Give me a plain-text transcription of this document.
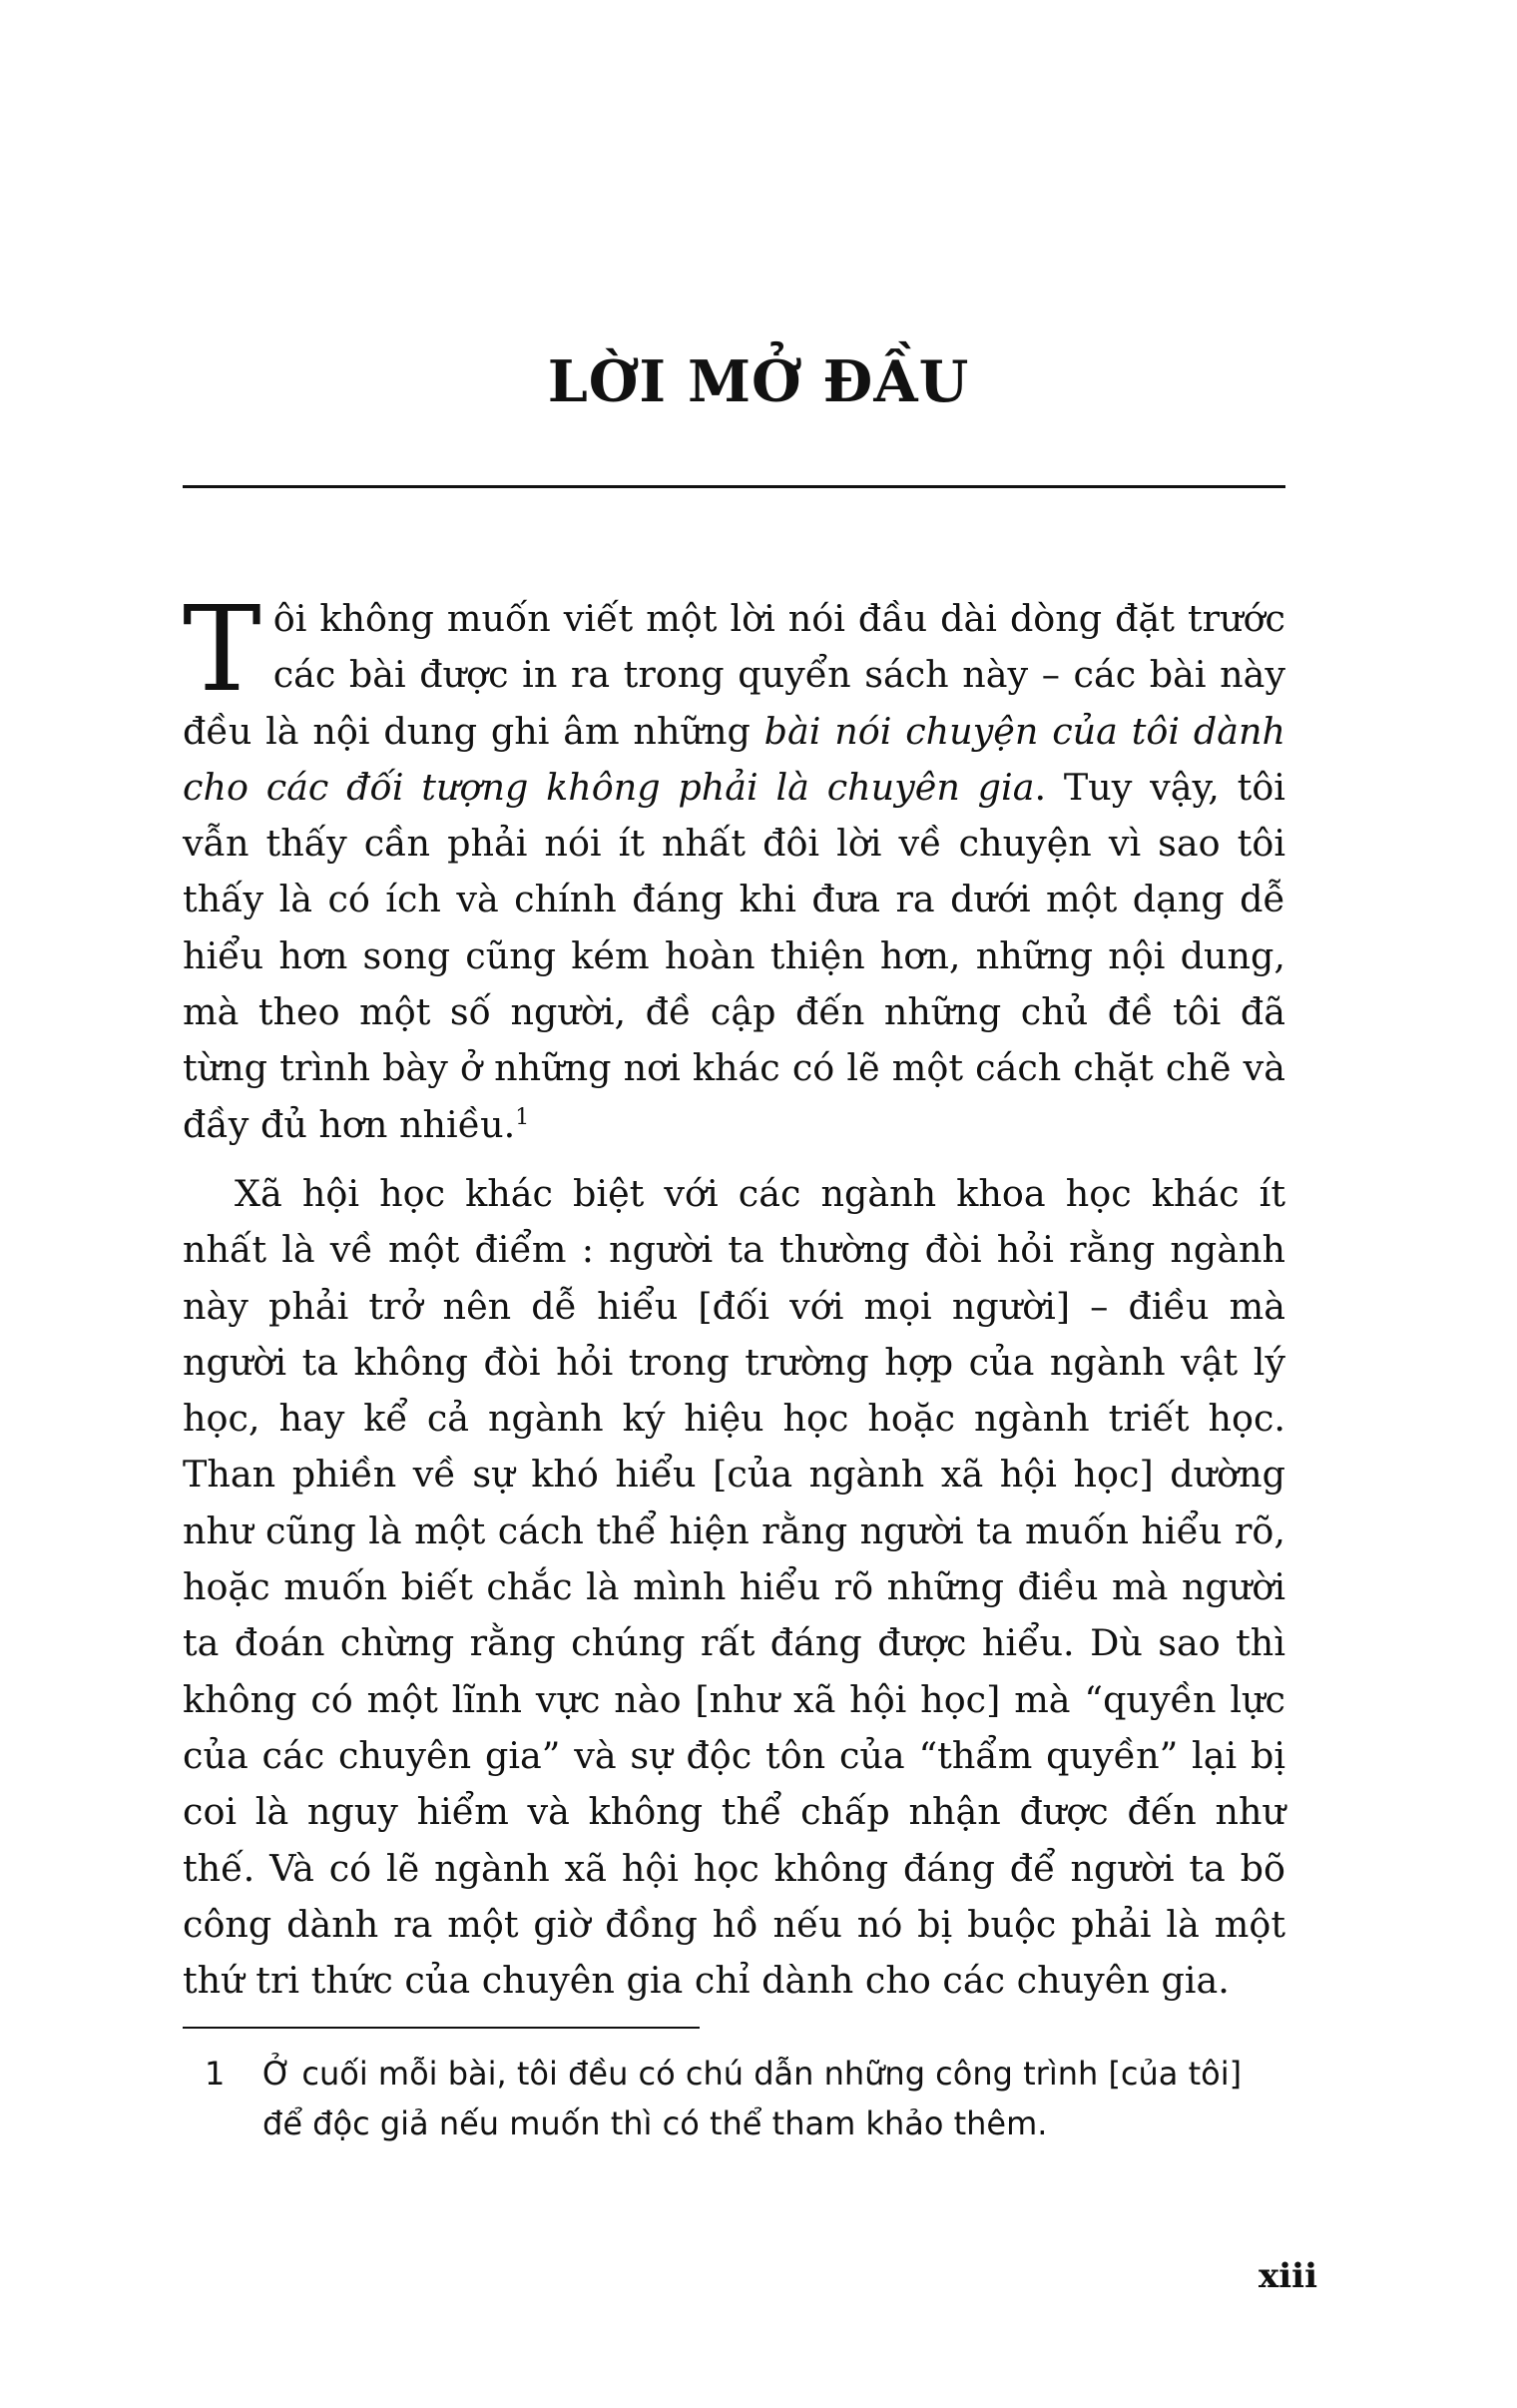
LỜI MỞ ĐẦU

Tôi không muốn viết một lời nói đầu dài dòng đặt trước các bài được in ra trong quyển sách này – các bài này đều là nội dung ghi âm những bài nói chuyện của tôi dành cho các đối tượng không phải là chuyên gia. Tuy vậy, tôi vẫn thấy cần phải nói ít nhất đôi lời về chuyện vì sao tôi thấy là có ích và chính đáng khi đưa ra dưới một dạng dễ hiểu hơn song cũng kém hoàn thiện hơn, những nội dung, mà theo một số người, đề cập đến những chủ đề tôi đã từng trình bày ở những nơi khác có lẽ một cách chặt chẽ và đầy đủ hơn nhiều.$^1$

Xã hội học khác biệt với các ngành khoa học khác ít nhất là về một điểm : người ta thường đòi hỏi rằng ngành này phải trở nên dễ hiểu [đối với mọi người] – điều mà người ta không đòi hỏi trong trường hợp của ngành vật lý học, hay kể cả ngành ký hiệu học hoặc ngành triết học. Than phiền về sự khó hiểu [của ngành xã hội học] dường như cũng là một cách thể hiện rằng người ta muốn hiểu rõ, hoặc muốn biết chắc là mình hiểu rõ những điều mà người ta đoán chừng rằng chúng rất đáng được hiểu. Dù sao thì không có một lĩnh vực nào [như xã hội học] mà “quyền lực của các chuyên gia” và sự độc tôn của “thẩm quyền” lại bị coi là nguy hiểm và không thể chấp nhận được đến như thế. Và có lẽ ngành xã hội học không đáng để người ta bõ công dành ra một giờ đồng hồ nếu nó bị buộc phải là một thứ tri thức của chuyên gia chỉ dành cho các chuyên gia.

1	Ở cuối mỗi bài, tôi đều có chú dẫn những công trình [của tôi] để độc giả nếu muốn thì có thể tham khảo thêm.
xiii
